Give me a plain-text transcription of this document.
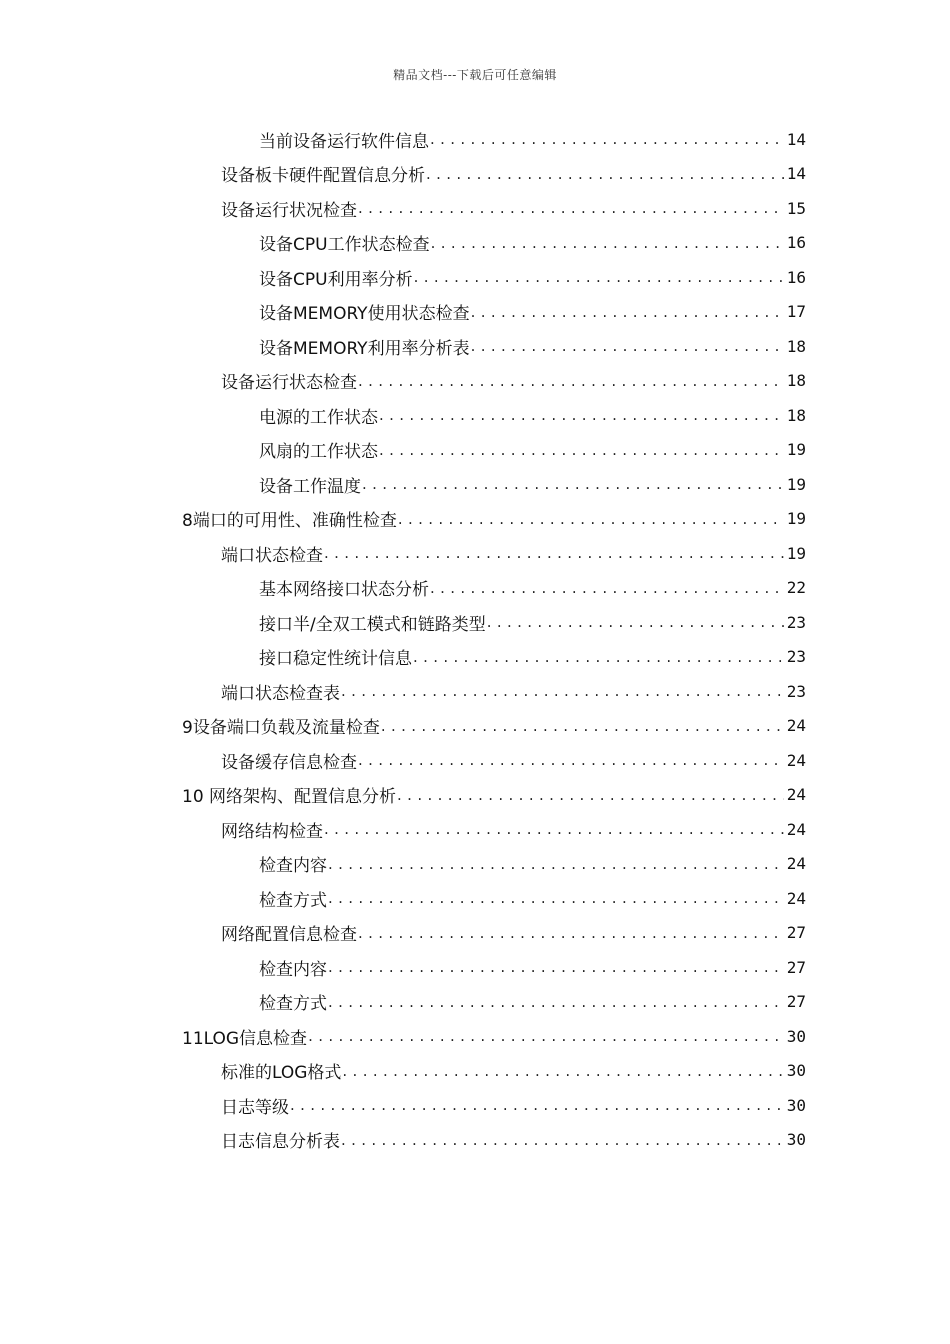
精品文档---下载后可任意编辑
当前设备运行软件信息 . . .	14
设备板卡硬件配置信息分析 . . .	14
设备运行状况检查 . . .	15
设备CPU工作状态检查 . . .	16
设备CPU利用率分析 . . .	16
设备MEMORY使用状态检查 . . .	17
设备MEMORY利用率分析表 . . .	18
设备运行状态检查 . . .	18
电源的工作状态 . . .	18
风扇的工作状态 . . .	19
设备工作温度 . . .	19
8端口的可用性、准确性检查 . . .	19
端口状态检查 . . .	19
基本网络接口状态分析 . . .	22
接口半/全双工模式和链路类型 . . .	23
接口稳定性统计信息 . . .	23
端口状态检查表 . . .	23
9设备端口负载及流量检查 . . .	24
设备缓存信息检查 . . .	24
10 网络架构、配置信息分析 . . .	24
网络结构检查 . . .	24
检查内容 . . .	24
检查方式 . . .	24
网络配置信息检查 . . .	27
检查内容 . . .	27
检查方式 . . .	27
11LOG信息检查 . . .	30
标准的LOG格式 . . .	30
日志等级 . . .	30
日志信息分析表 . . .	30
